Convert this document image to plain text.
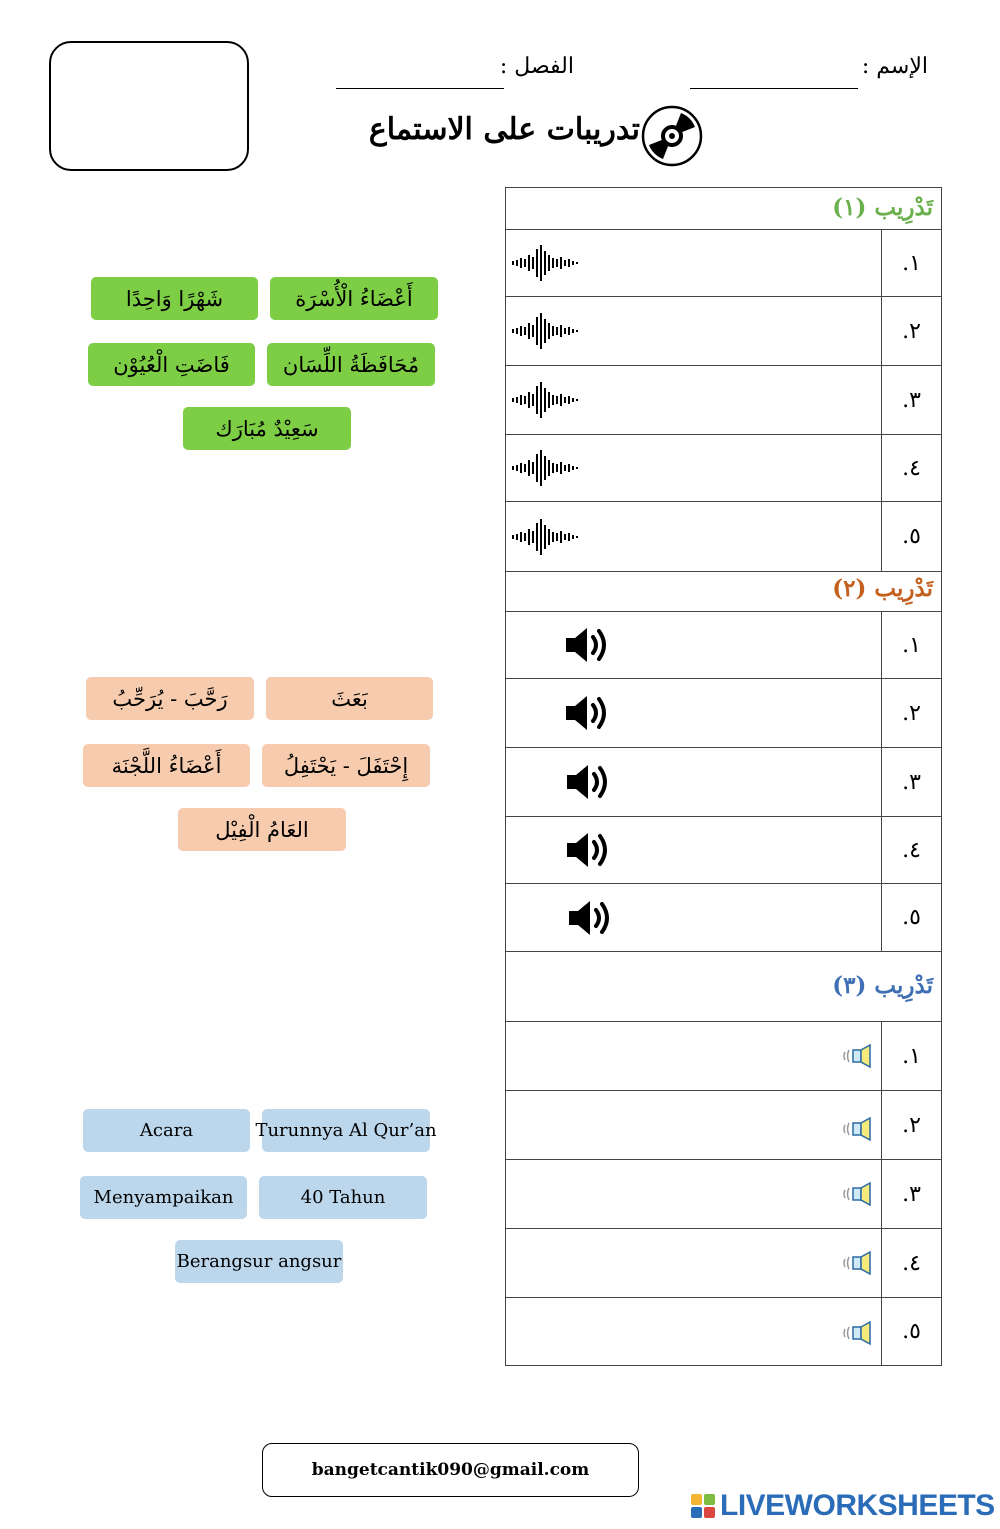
الإسم :
الفصل :
تدريبات على الاستماع
تَدْرِيب (١)
١.
٢.
٣.
٤.
٥.
تَدْرِيب (٢)
١.
٢.
٣.
٤.
٥.
تَدْرِيب (٣)
١.
٢.
٣.
٤.
٥.
أَعْضَاءُ الْأُسْرَة
شَهْرًا وَاحِدًا
مُحَافَظَةُ اللِّسَان
فَاضَتِ الْعُيُوْن
سَعِيْدٌ مُبَارَك
بَعَثَ
رَحَّبَ - يُرَحِّبُ
إِحْتَفَلَ - يَحْتَفِلُ
أَعْضَاءُ اللَّجْنَة
العَامُ الْفِيْل
Turunnya Al Qur’an
Acara
40 Tahun
Menyampaikan
Berangsur angsur
bangetcantik090@gmail.com
LIVEWORKSHEETS
